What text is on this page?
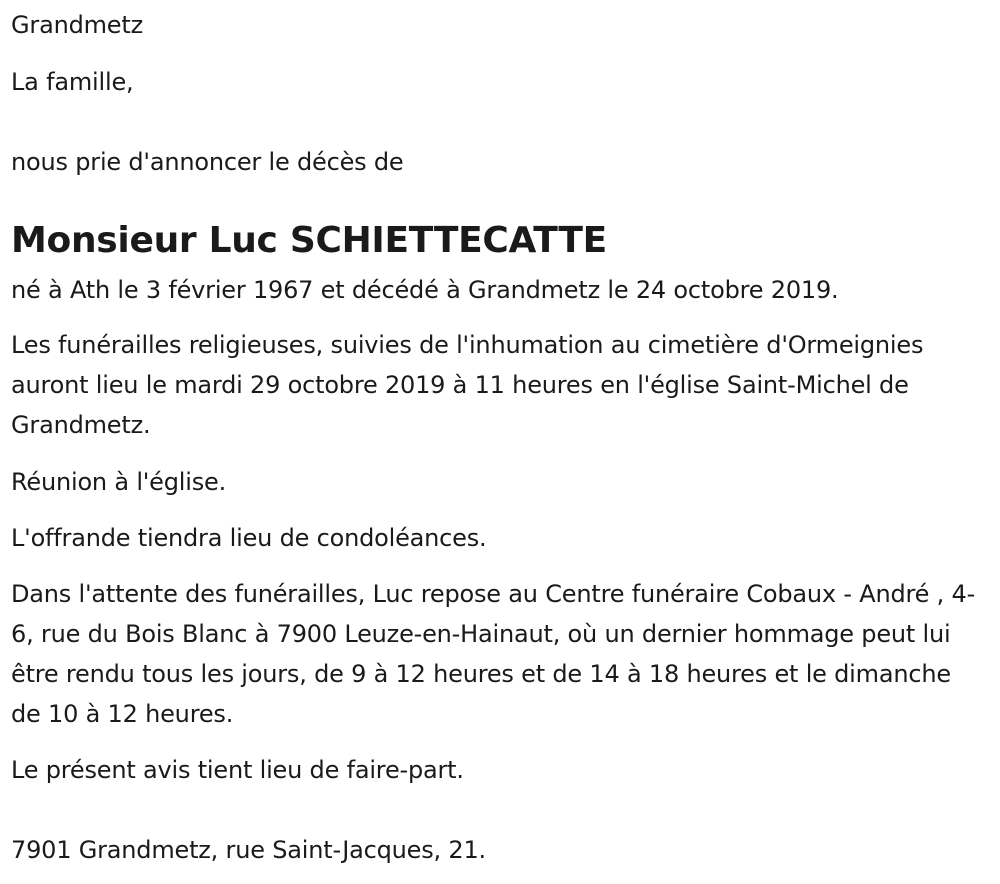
Grandmetz
La famille,
nous prie d'annoncer le décès de
Monsieur Luc SCHIETTECATTE
né à Ath le 3 février 1967 et décédé à Grandmetz le 24 octobre 2019.

Les funérailles religieuses, suivies de l'inhumation au cimetière d'Ormeignies auront lieu le mardi 29 octobre 2019 à 11 heures en l'église Saint-Michel de Grandmetz.

Réunion à l'église.
L'offrande tiendra lieu de condoléances.

Dans l'attente des funérailles, Luc repose au Centre funéraire Cobaux - André , 4-6, rue du Bois Blanc à 7900 Leuze-en-Hainaut, où un dernier hommage peut lui être rendu tous les jours, de 9 à 12 heures et de 14 à 18 heures et le dimanche de 10 à 12 heures.

Le présent avis tient lieu de faire-part.
7901 Grandmetz, rue Saint-Jacques, 21.
